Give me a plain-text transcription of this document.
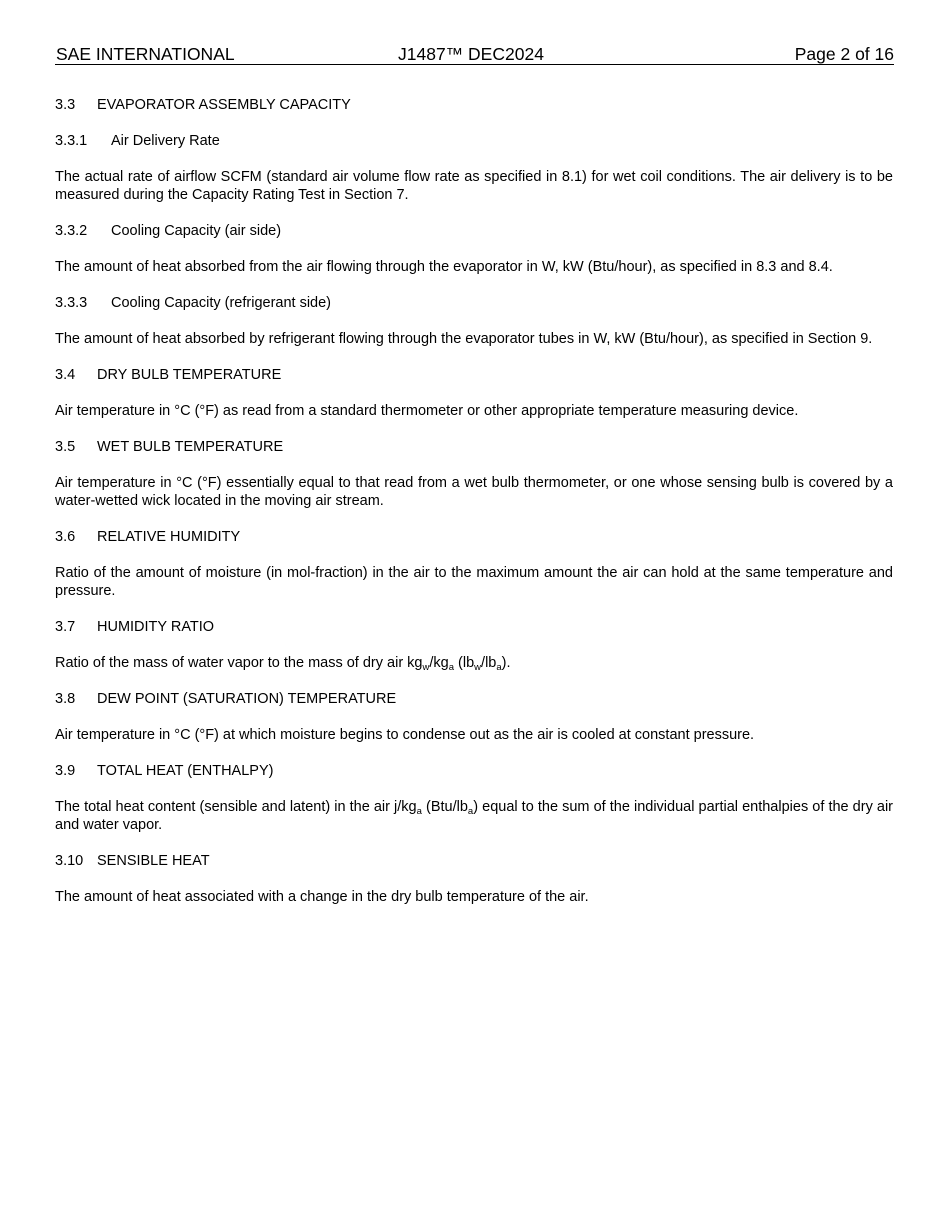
SAE INTERNATIONAL	J1487™ DEC2024	Page 2 of 16

3.3 EVAPORATOR ASSEMBLY CAPACITY

3.3.1 Air Delivery Rate

The actual rate of airflow SCFM (standard air volume flow rate as specified in 8.1) for wet coil conditions. The air delivery is to be measured during the Capacity Rating Test in Section 7.

3.3.2 Cooling Capacity (air side)

The amount of heat absorbed from the air flowing through the evaporator in W, kW (Btu/hour), as specified in 8.3 and 8.4.

3.3.3 Cooling Capacity (refrigerant side)

The amount of heat absorbed by refrigerant flowing through the evaporator tubes in W, kW (Btu/hour), as specified in Section 9.

3.4 DRY BULB TEMPERATURE

Air temperature in °C (°F) as read from a standard thermometer or other appropriate temperature measuring device.

3.5 WET BULB TEMPERATURE

Air temperature in °C (°F) essentially equal to that read from a wet bulb thermometer, or one whose sensing bulb is covered by a water-wetted wick located in the moving air stream.

3.6 RELATIVE HUMIDITY

Ratio of the amount of moisture (in mol-fraction) in the air to the maximum amount the air can hold at the same temperature and pressure.

3.7 HUMIDITY RATIO

Ratio of the mass of water vapor to the mass of dry air $kg_w/kg_a$ $(lb_w/lb_a)$.

3.8 DEW POINT (SATURATION) TEMPERATURE

Air temperature in °C (°F) at which moisture begins to condense out as the air is cooled at constant pressure.

3.9 TOTAL HEAT (ENTHALPY)

The total heat content (sensible and latent) in the air $j/kg_a$ $(Btu/lb_a)$ equal to the sum of the individual partial enthalpies of the dry air and water vapor.

3.10 SENSIBLE HEAT

The amount of heat associated with a change in the dry bulb temperature of the air.
